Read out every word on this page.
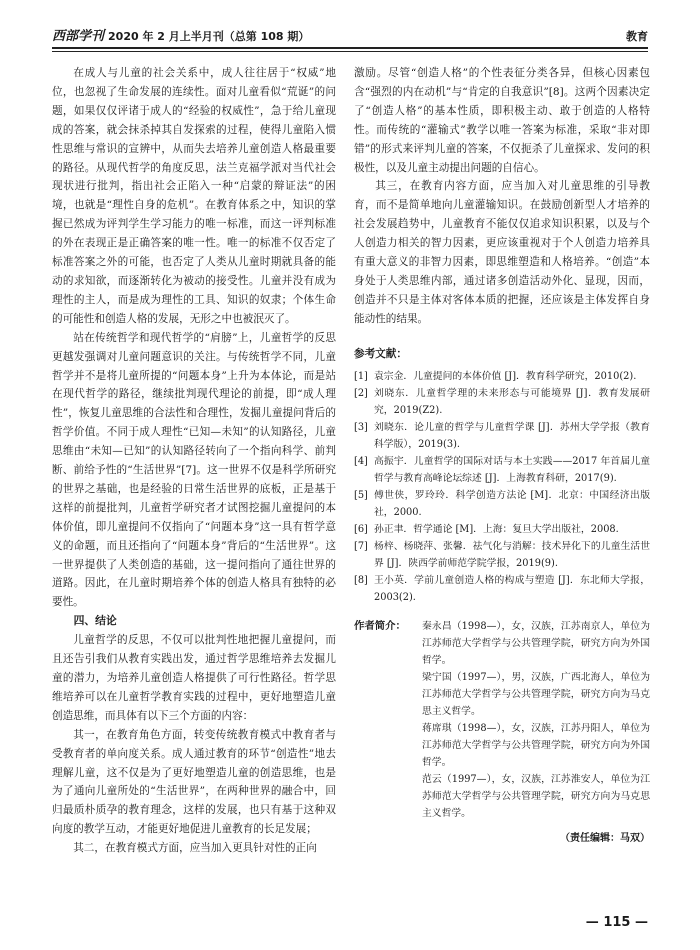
西部学刊 2020 年 2 月上半月刊（总第 108 期）	教育

在成人与儿童的社会关系中，成人往往居于“权威”地位，也忽视了生命发展的连续性。面对儿童看似“荒诞”的问题，如果仅仅评诸于成人的“经验的权威性”，急于给儿童现成的答案，就会抹杀掉其自发探索的过程，使得儿童陷入惯性思维与常识的宣辨中，从而失去培养儿童创造人格最重要的路径。从现代哲学的角度反思，法兰克福学派对当代社会现状进行批判，指出社会正陷入一种“启蒙的辩证法”的困境，也就是“理性自身的危机”。在教育体系之中，知识的掌握已然成为评判学生学习能力的唯一标准，而这一评判标准的外在表现正是正确答案的唯一性。唯一的标准不仅否定了标准答案之外的可能，也否定了人类从儿童时期就具备的能动的求知欲，而逐渐转化为被动的接受性。儿童并没有成为理性的主人，而是成为理性的工具、知识的奴隶；个体生命的可能性和创造人格的发展，无形之中也被泯灭了。

站在传统哲学和现代哲学的“肩膀”上，儿童哲学的反思更越发强调对儿童问题意识的关注。与传统哲学不同，儿童哲学并不是将儿童所提的“问题本身”上升为本体论，而是站在现代哲学的路径，继续批判现代理论的前提，即“成人理性”，恢复儿童思维的合法性和合理性，发掘儿童提问背后的哲学价值。不同于成人理性“已知—未知”的认知路径，儿童思维由“未知—已知”的认知路径转向了一个指向科学、前判断、前给予性的“生活世界”[7]。这一世界不仅是科学所研究的世界之基础，也是经验的日常生活世界的底板，正是基于这样的前提批判，儿童哲学研究者才试图挖掘儿童提问的本体价值，即儿童提问不仅指向了“问题本身”这一具有哲学意义的命题，而且还指向了“问题本身”背后的“生活世界”。这一世界提供了人类创造的基础，这一提问指向了通往世界的道路。因此，在儿童时期培养个体的创造人格具有独特的必要性。

四、结论

儿童哲学的反思，不仅可以批判性地把握儿童提问，而且还告引我们从教育实践出发，通过哲学思维培养去发掘儿童的潜力，为培养儿童创造人格提供了可行性路径。哲学思维培养可以在儿童哲学教育实践的过程中，更好地塑造儿童创造思维，而具体有以下三个方面的内容：

其一，在教育角色方面，转变传统教育模式中教育者与受教育者的单向度关系。成人通过教育的环节“创造性”地去理解儿童，这不仅是为了更好地塑造儿童的创造思维，也是为了通向儿童所处的“生活世界”，在两种世界的融合中，回归最质朴质孕的教育理念，这样的发展，也只有基于这种双向度的教学互动，才能更好地促进儿童教育的长足发展；

其二，在教育模式方面，应当加入更具针对性的正向

激励。尽管“创造人格”的个性表征分类各异，但核心因素包含“强烈的内在动机”与“肯定的自我意识”[8]。这两个因素决定了“创造人格”的基本性质，即积极主动、敢于创造的人格特性。而传统的“灌输式”教学以唯一答案为标准，采取“非对即错”的形式来评判儿童的答案，不仅扼杀了儿童探求、发问的积极性，以及儿童主动提出问题的自信心。

其三，在教育内容方面，应当加入对儿童思维的引导教育，而不是简单地向儿童灌输知识。在鼓励创新型人才培养的社会发展趋势中，儿童教育不能仅仅追求知识积累，以及与个人创造力相关的智力因素，更应该重视对于个人创造力培养具有重大意义的非智力因素，即思维塑造和人格培养。“创造”本身处于人类思维内部，通过诸多创造活动外化、显现，因而，创造并不只是主体对客体本质的把握，还应该是主体发挥自身能动性的结果。

参考文献：
[1] 袁宗金．儿童提问的本体价值 [J]．教育科学研究，2010(2).
[2] 刘晓东．儿童哲学理的未来形态与可能境界 [J]．教育发展研究，2019(Z2).
[3] 刘晓东．论儿童的哲学与儿童哲学课 [J]．苏州大学学报（教育科学版），2019(3).
[4] 高振宇．儿童哲学的国际对话与本土实践——2017 年首届儿童哲学与教育高峰论坛综述 [J]．上海教育科研，2017(9).
[5] 傅世侠，罗玲玲．科学创造方法论 [M]．北京：中国经济出版社，2000.
[6] 孙正聿．哲学通论 [M]．上海：复旦大学出版社，2008.
[7] 杨梓、杨晓萍、张馨．祛气化与消解：技术异化下的儿童生活世界 [J]．陕西学前师范学院学报，2019(9).
[8] 王小英．学前儿童创造人格的构成与塑造 [J]．东北师大学报，2003(2).
作者简介：	秦永昌（1998—），女，汉族，江苏南京人，单位为江苏师范大学哲学与公共管理学院，研究方向为外国哲学。
梁宁国（1997—），男，汉族，广西北海人，单位为江苏师范大学哲学与公共管理学院，研究方向为马克思主义哲学。
蒋席琪（1998—），女，汉族，江苏丹阳人，单位为江苏师范大学哲学与公共管理学院，研究方向为外国哲学。
范云（1997—），女，汉族，江苏淮安人，单位为江苏师范大学哲学与公共管理学院，研究方向为马克思主义哲学。
（责任编辑：马双）
— 115 —
